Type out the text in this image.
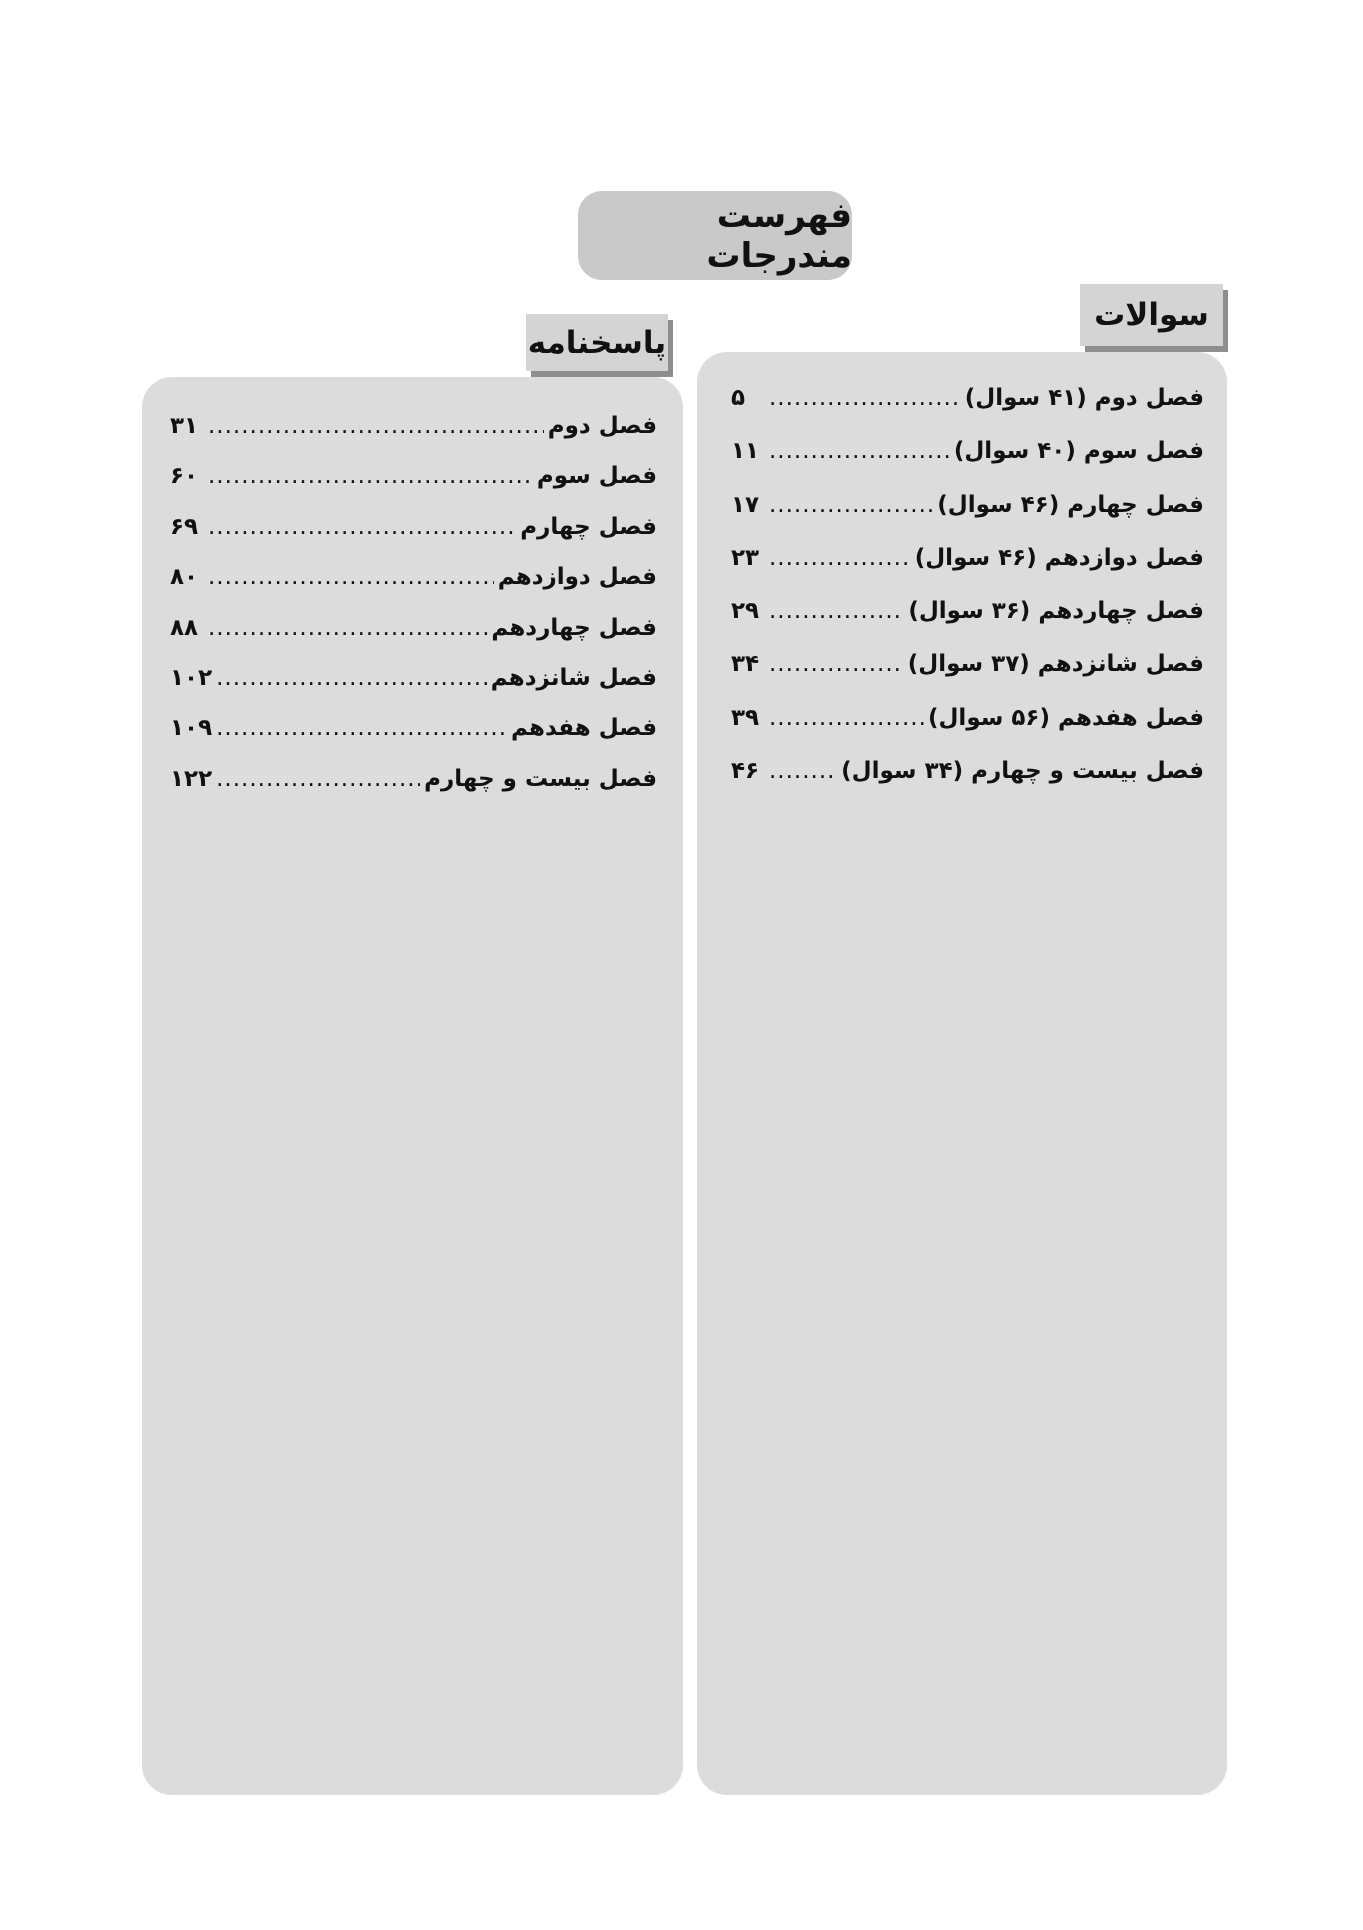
فهرست مندرجات
سوالات
فصل دوم
(۴۱ سوال)
.....
۵
فصل سوم
(۴۰ سوال)
.....
۱۱
فصل چهارم
(۴۶ سوال)
.....
۱۷
فصل دوازدهم
(۴۶ سوال)
.....
۲۳
فصل چهاردهم
(۳۶ سوال)
.....
۲۹
فصل شانزدهم
(۳۷ سوال)
.....
۳۴
فصل هفدهم
(۵۶ سوال)
.....
۳۹
فصل بیست و چهارم
(۳۴ سوال)
.....
۴۶
پاسخنامه
فصل دوم
.....
۳۱
فصل سوم
.....
۶۰
فصل چهارم
.....
۶۹
فصل دوازدهم
.....
۸۰
فصل چهاردهم
.....
۸۸
فصل شانزدهم
.....
۱۰۲
فصل هفدهم
.....
۱۰۹
فصل بیست و چهارم
.....
۱۲۲
